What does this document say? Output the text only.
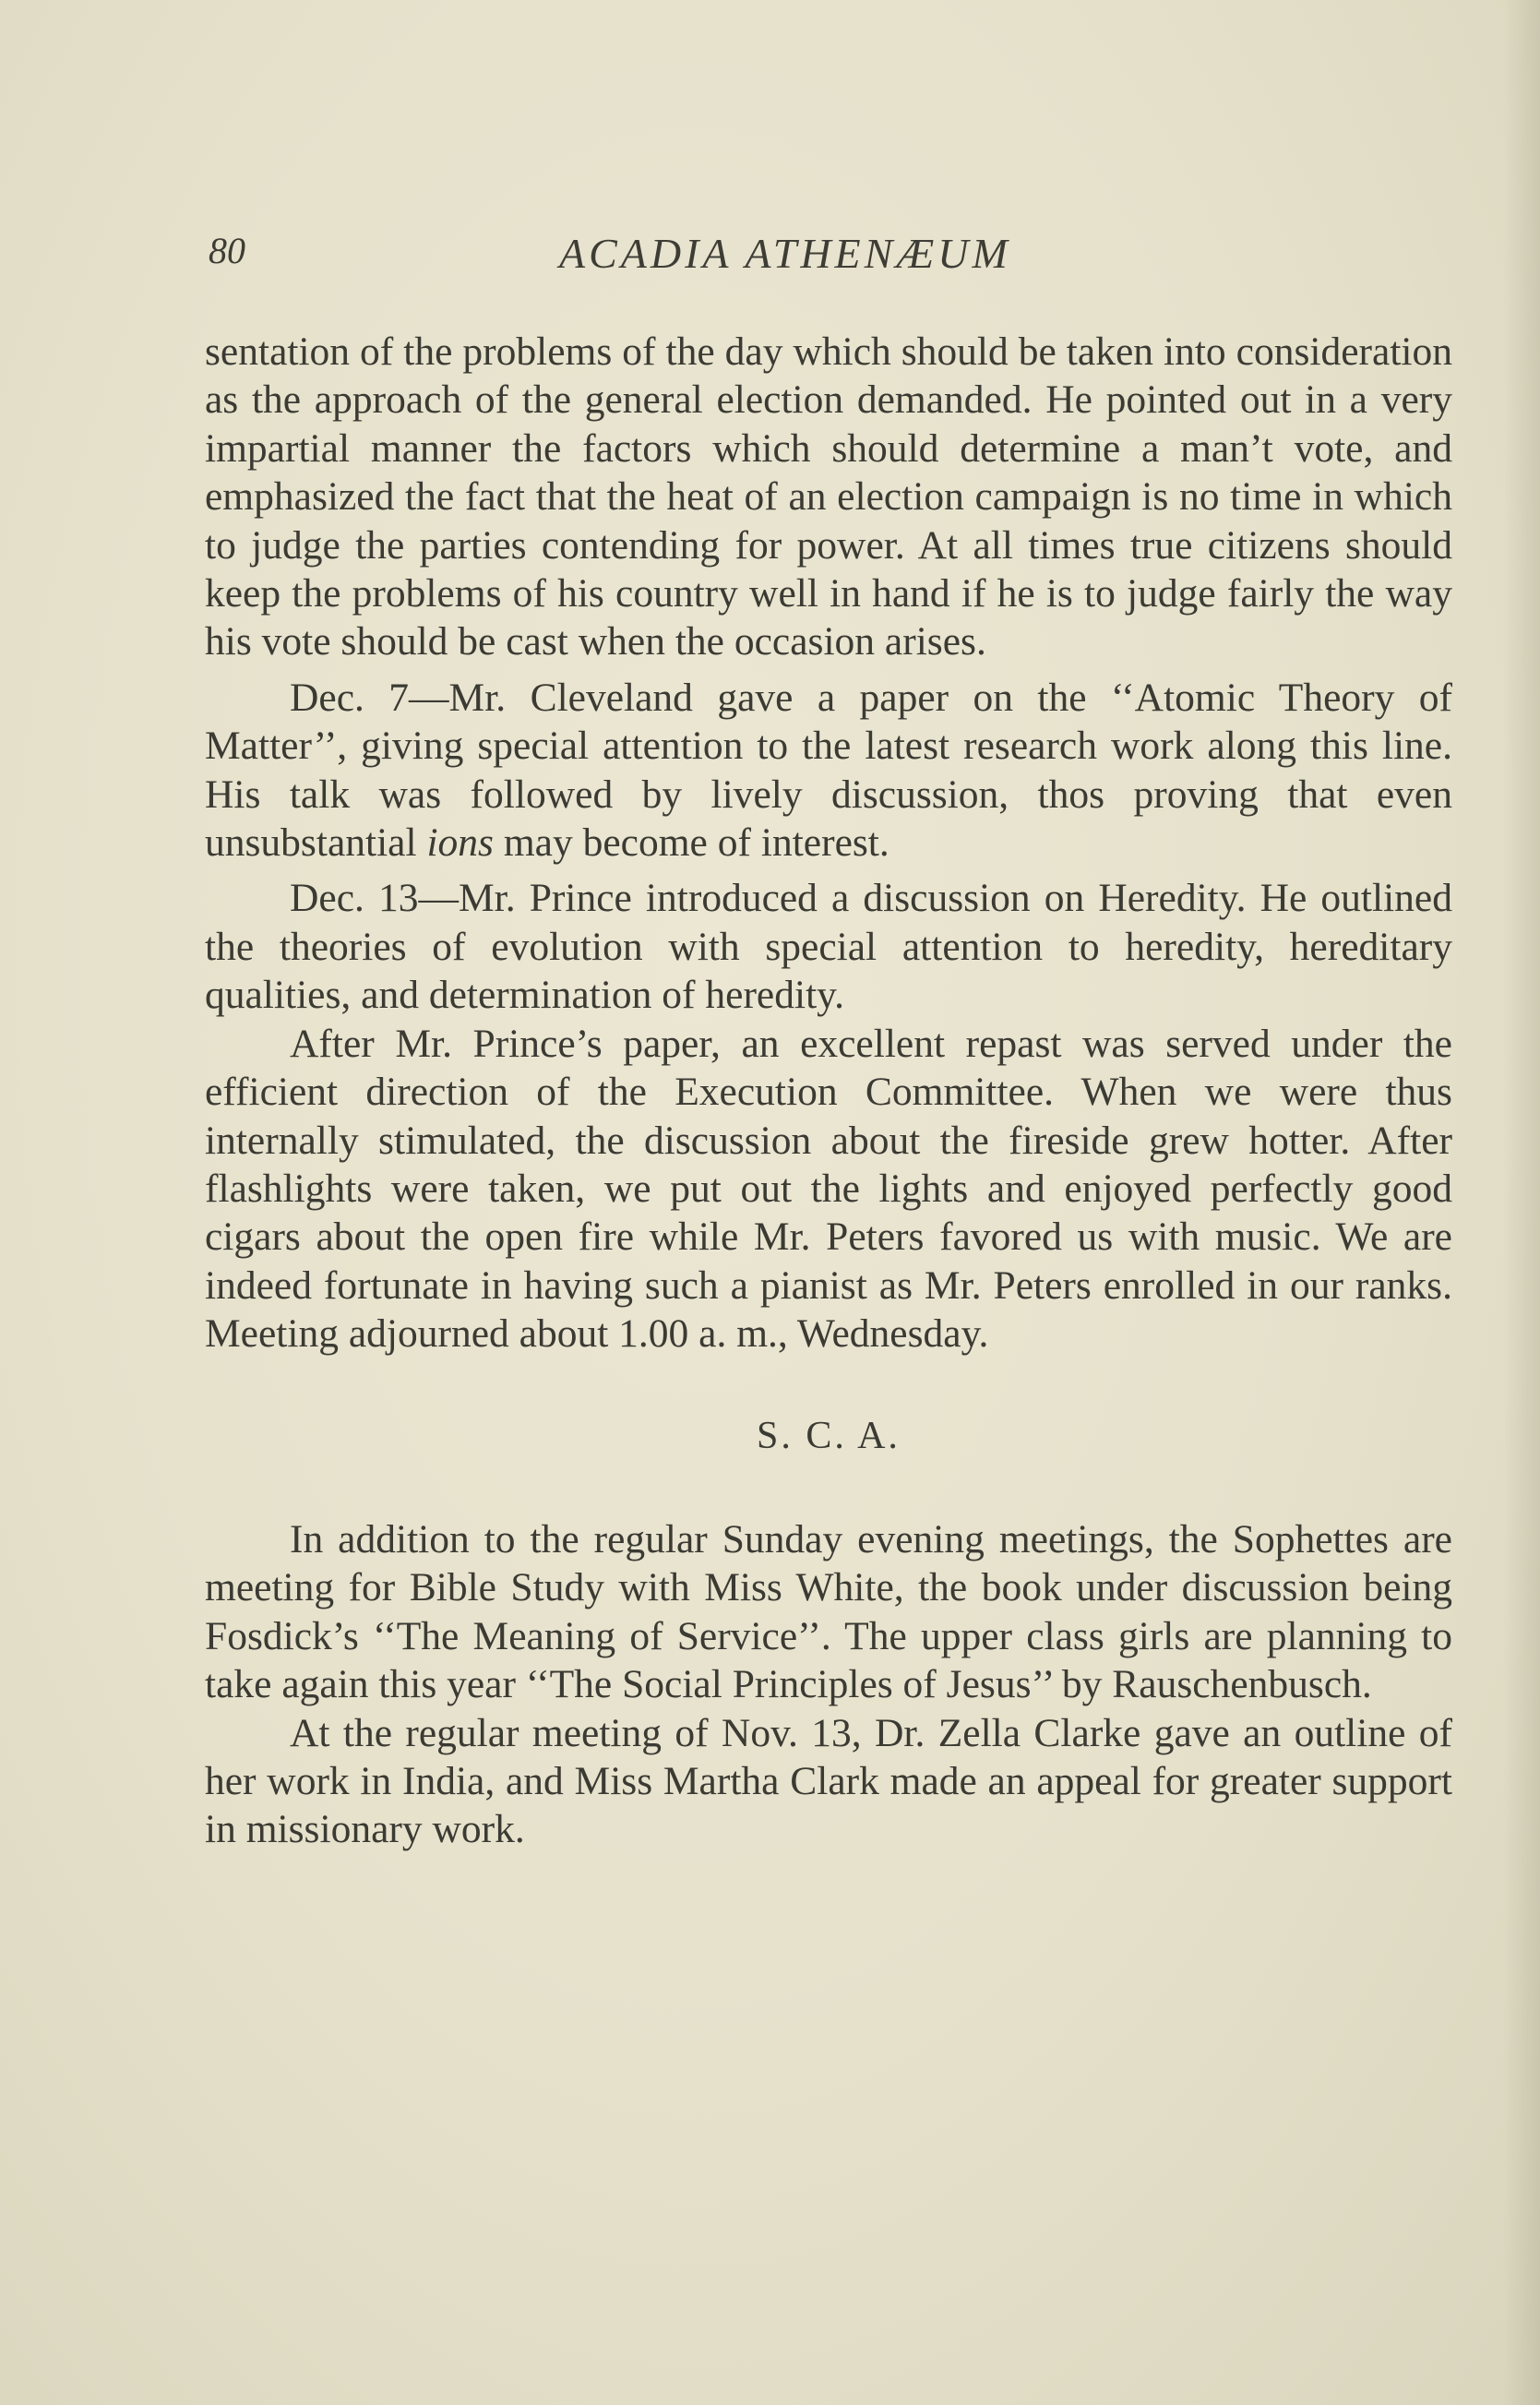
80	ACADIA ATHENÆUM

sentation of the problems of the day which should be taken into consideration as the approach of the general election demanded. He pointed out in a very impartial manner the factors which should determine a man’t vote, and emphasized the fact that the heat of an election campaign is no time in which to judge the parties contending for power. At all times true citizens should keep the problems of his country well in hand if he is to judge fairly the way his vote should be cast when the occasion arises.

Dec. 7—Mr. Cleveland gave a paper on the ‘‘Atomic Theory of Matter’’, giving special attention to the latest research work along this line. His talk was followed by lively discussion, thos proving that even unsubstantial ions may become of interest.

Dec. 13—Mr. Prince introduced a discussion on Heredity. He outlined the theories of evolution with special attention to heredity, hereditary qualities, and determination of heredity.

After Mr. Prince’s paper, an excellent repast was served under the efficient direction of the Execution Committee. When we were thus internally stimulated, the discussion about the fireside grew hotter. After flashlights were taken, we put out the lights and enjoyed perfectly good cigars about the open fire while Mr. Peters favored us with music. We are indeed fortunate in having such a pianist as Mr. Peters enrolled in our ranks. Meeting adjourned about 1.00 a. m., Wednesday.

S. C. A.

In addition to the regular Sunday evening meetings, the Sophettes are meeting for Bible Study with Miss White, the book under discussion being Fosdick’s ‘‘The Meaning of Service’’. The upper class girls are planning to take again this year ‘‘The Social Principles of Jesus’’ by Rauschenbusch.

At the regular meeting of Nov. 13, Dr. Zella Clarke gave an outline of her work in India, and Miss Martha Clark made an appeal for greater support in missionary work.
